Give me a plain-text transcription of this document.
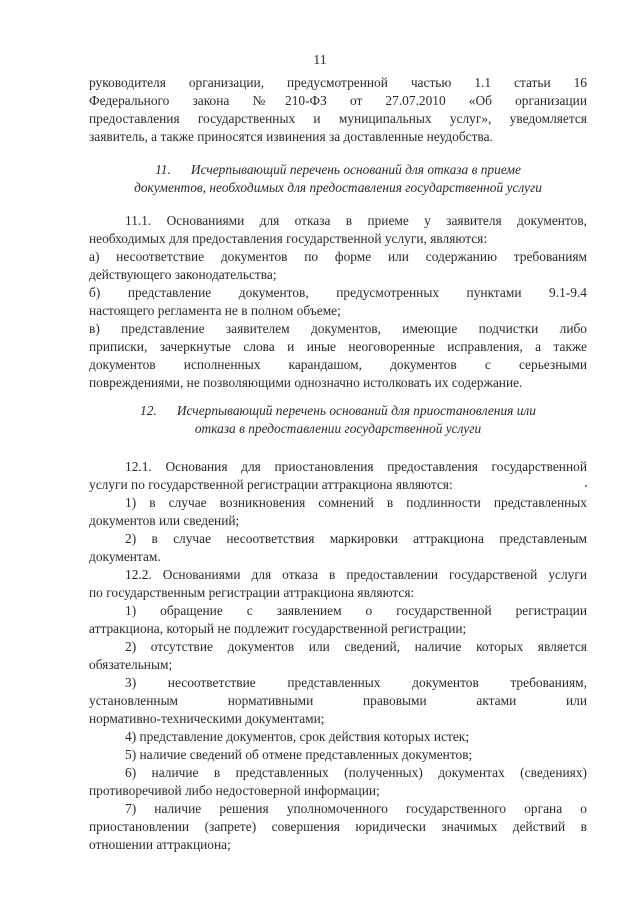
11
руководителя организации, предусмотренной частью 1.1 статьи 16
Федерального закона №210-ФЗ от 27.07.2010 «Об организации
предоставления государственных и муниципальных услуг», уведомляется
заявитель, а также приносятся извинения за доставленные неудобства.
11. Исчерпывающий перечень оснований для отказа в приеме
документов, необходимых для предоставления государственной услуги
11.1. Основаниями для отказа в приеме у заявителя документов,
необходимых для предоставления государственной услуги, являются:
а) несоответствие документов по форме или содержанию требованиям
действующего законодательства;
б) представление документов, предусмотренных пунктами 9.1-9.4
настоящего регламента не в полном объеме;
в) представление заявителем документов, имеющие подчистки либо
приписки, зачеркнутые слова и иные неоговоренные исправления, а также
документов исполненных карандашом, документов с серьезными
повреждениями, не позволяющими однозначно истолковать их содержание.
12. Исчерпывающий перечень оснований для приостановления или
отказа в предоставлении государственной услуги
12.1. Основания для приостановления предоставления государственной
услуги по государственной регистрации аттракциона являются:
1) в случае возникновения сомнений в подлинности представленных
документов или сведений;
2) в случае несоответствия маркировки аттракциона представленым
документам.
12.2. Основаниями для отказа в предоставлении государственой услуги
по государственным регистрации аттракциона являются:
1) обращение с заявлением о государственной регистрации
аттракциона, который не подлежит государственной регистрации;
2) отсутствие документов или сведений, наличие которых является
обязательным;
3) несоответствие представленных документов требованиям,
установленным нормативными правовыми актами или
нормативно-техническими документами;
4) представление документов, срок действия которых истек;
5) наличие сведений об отмене представленных документов;
6) наличие в представленных (полученных) документах (сведениях)
противоречивой либо недостоверной информации;
7) наличие решения уполномоченного государственного органа о
приостановлении (запрете) совершения юридически значимых действий в
отношении аттракциона;
